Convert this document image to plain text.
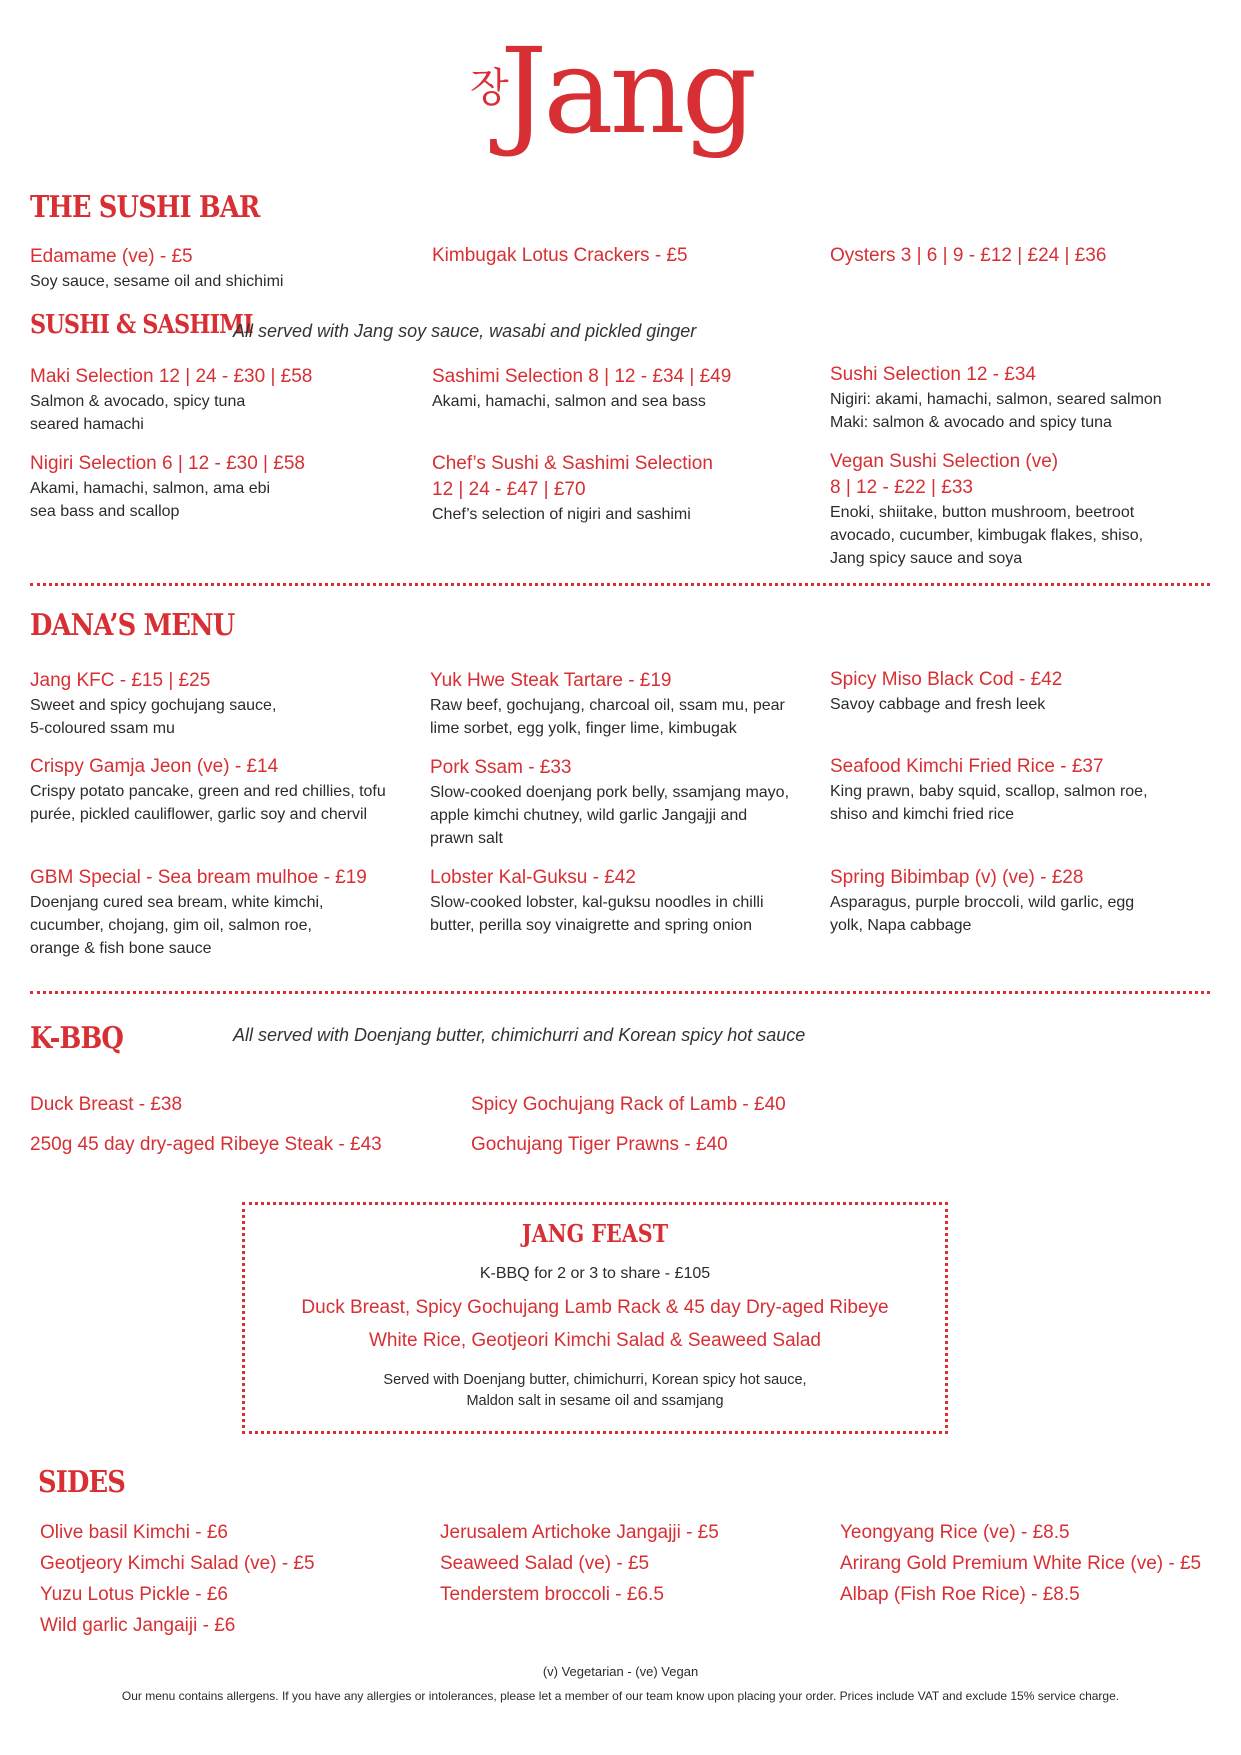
장
Jang
THE SUSHI BAR
Edamame (ve) - £5
Soy sauce, sesame oil and shichimi
Kimbugak Lotus Crackers - £5	Oysters 3 | 6 | 9 - £12 | £24 | £36
SUSHI & SASHIMI
All served with Jang soy sauce, wasabi and pickled ginger
Maki Selection 12 | 24 - £30 | £58
Salmon & avocado, spicy tuna
seared hamachi
Sashimi Selection 8 | 12 - £34 | £49
Akami, hamachi, salmon and sea bass
Sushi Selection 12 - £34
Nigiri: akami, hamachi, salmon, seared salmon
Maki: salmon & avocado and spicy tuna
Nigiri Selection 6 | 12 - £30 | £58
Akami, hamachi, salmon, ama ebi
sea bass and scallop
Chef’s Sushi & Sashimi Selection
12 | 24 - £47 | £70
Chef’s selection of nigiri and sashimi
Vegan Sushi Selection (ve)
8 | 12 - £22 | £33
Enoki, shiitake, button mushroom, beetroot
avocado, cucumber, kimbugak flakes, shiso,
Jang spicy sauce and soya
DANA’S MENU
Jang KFC - £15 | £25
Sweet and spicy gochujang sauce,
5-coloured ssam mu
Yuk Hwe Steak Tartare - £19
Raw beef, gochujang, charcoal oil, ssam mu, pear
lime sorbet, egg yolk, finger lime, kimbugak
Spicy Miso Black Cod - £42
Savoy cabbage and fresh leek
Crispy Gamja Jeon (ve) - £14
Crispy potato pancake, green and red chillies, tofu
purée, pickled cauliflower, garlic soy and chervil
Pork Ssam - £33
Slow-cooked doenjang pork belly, ssamjang mayo,
apple kimchi chutney, wild garlic Jangajji and
prawn salt
Seafood Kimchi Fried Rice - £37
King prawn, baby squid, scallop, salmon roe,
shiso and kimchi fried rice
GBM Special - Sea bream mulhoe - £19
Doenjang cured sea bream, white kimchi,
cucumber, chojang, gim oil, salmon roe,
orange & fish bone sauce
Lobster Kal-Guksu - £42
Slow-cooked lobster, kal-guksu noodles in chilli
butter, perilla soy vinaigrette and spring onion
Spring Bibimbap (v) (ve) - £28
Asparagus, purple broccoli, wild garlic, egg
yolk, Napa cabbage
K-BBQ	All served with Doenjang butter, chimichurri and Korean spicy hot sauce
Duck Breast - £38	Spicy Gochujang Rack of Lamb - £40
250g 45 day dry-aged Ribeye Steak - £43	Gochujang Tiger Prawns - £40
JANG FEAST
K-BBQ for 2 or 3 to share - £105
Duck Breast, Spicy Gochujang Lamb Rack & 45 day Dry-aged Ribeye
White Rice, Geotjeori Kimchi Salad & Seaweed Salad
Served with Doenjang butter, chimichurri, Korean spicy hot sauce,
Maldon salt in sesame oil and ssamjang
SIDES
Olive basil Kimchi - £6
Geotjeory Kimchi Salad (ve) - £5
Yuzu Lotus Pickle - £6
Wild garlic Jangaiji - £6
Jerusalem Artichoke Jangajji - £5
Seaweed Salad (ve) - £5
Tenderstem broccoli - £6.5
Yeongyang Rice (ve) - £8.5
Arirang Gold Premium White Rice (ve) - £5
Albap (Fish Roe Rice) - £8.5
(v) Vegetarian - (ve) Vegan
Our menu contains allergens. If you have any allergies or intolerances, please let a member of our team know upon placing your order. Prices include VAT and exclude 15% service charge.
